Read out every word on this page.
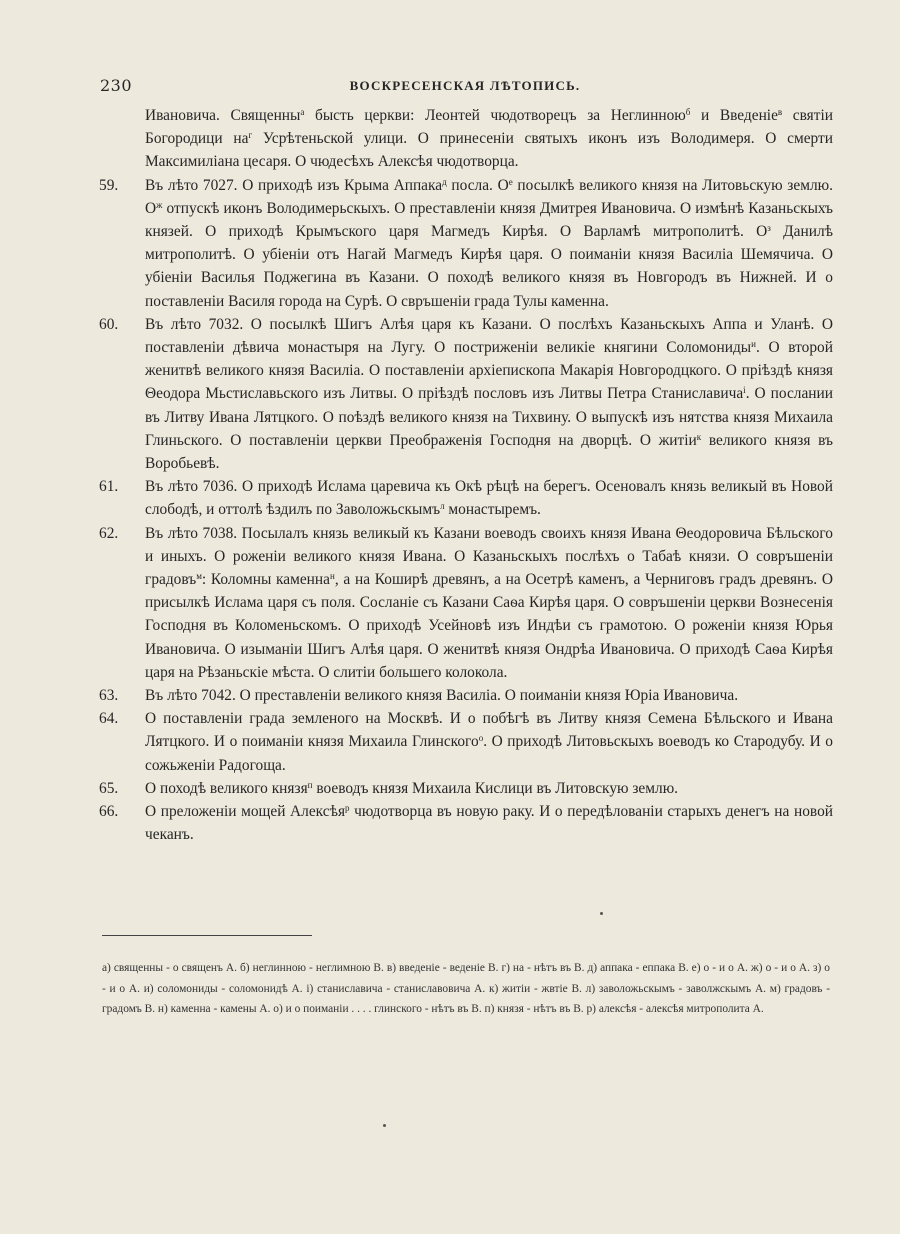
230	ВОСКРЕСЕНСКАЯ ЛѢТОПИСЬ.

Ивановича. Священны$^а$ бысть церкви: Леонтей чюдотворецъ за Неглинною$^б$ и Введеніе$^в$ святіи Богородици $на^г$ Усрѣтеньской улици. О принесеніи святыхъ иконъ изъ Володимеря. О смерти Максимиліана цесаря. О чюдесѣхъ Алексѣя чюдотворца.

59.	Въ лѣто 7027. О приходѣ изъ Крыма Аппака$^д$ посла. $О^е$ посылкѣ великого князя на Литовьскую землю. $О^ж$ отпускѣ иконъ Володимерьскыхъ. О преставленіи князя Дмитрея Ивановича. О измѣнѣ Казаньскыхъ князей. О приходѣ Крымъского царя Магмедъ Кирѣя. О Варламѣ митрополитѣ. $О^з$ Данилѣ митрополитѣ. О убіеніи отъ Нагай Магмедъ Кирѣя царя. О поиманіи князя Василiа Шемячича. О убіеніи Василья Поджегина въ Казани. О походѣ великого князя въ Новгородъ въ Нижней. И о поставленіи Василя города на Сурѣ. О свръшеніи града Тулы каменна.

60.	Въ лѣто 7032. О посылкѣ Шигъ Алѣя царя къ Казани. О послѣхъ Казаньскыхъ Аппа и Уланѣ. О поставленіи дѣвича монастыря на Лугу. О постриженіи великіе княгини Соломониды$^и$. О второй женитвѣ великого князя Василiа. О поставленіи архіепископа Макарія Новгородцкого. О пріѣздѣ князя Θеодора Мьстиславьского изъ Литвы. О пріѣздѣ пословъ изъ Литвы Петра Станиславича$^і$. О послании въ Литву Ивана Лятцкого. О поѣздѣ великого князя на Тихвину. О выпускѣ изъ нятства князя Михаила Глиньского. О поставленіи церкви Преображенія Господня на дворцѣ. О житіи$^к$ великого князя въ Воробьевѣ.

61.	Въ лѣто 7036. О приходѣ Ислама царевича къ Окѣ рѣцѣ на берегъ. Осеновалъ князь великый въ Новой слободѣ, и оттолѣ ѣздилъ по Заволожьскымъ$^л$ монастыремъ.

62.	Въ лѣто 7038. Посылалъ князь великый къ Казани воеводъ своихъ князя Ивана Θеодоровича Бѣльского и иныхъ. О роженіи великого князя Ивана. О Казаньскыхъ послѣхъ о Табаѣ князи. О совръшеніи градовъ$^м$: Коломны каменна$^н$, а на Коширѣ древянъ, а на Осетрѣ каменъ, а Черниговъ градъ древянъ. О присылкѣ Ислама царя съ поля. Сосланіе съ Казани Саѳа Кирѣя царя. О совръшеніи церкви Вознесенія Господня въ Коломеньскомъ. О приходѣ Усейновѣ изъ Индѣи съ грамотою. О роженіи князя Юрья Ивановича. О изыманіи Шигъ Алѣя царя. О женитвѣ князя Ондрѣа Ивановича. О приходѣ Саѳа Кирѣя царя на Рѣзаньскіе мѣста. О слитіи большего колокола.

63.	Въ лѣто 7042. О преставленіи великого князя Василiа. О поиманіи князя Юріа Ивановича.

64.	О поставленіи града земленого на Москвѣ. И о побѣгѣ въ Литву князя Семена Бѣльского и Ивана Лятцкого. И о поиманіи князя Михаила Глинского$^о$. О приходѣ Литовьскыхъ воеводъ ко Стародубу. И о сожьженіи Радогоща.

65.	О походѣ великого князя$^п$ воеводъ князя Михаила Кислици въ Литовскую землю.

66.	О преложеніи мощей Алексѣя$^р$ чюдотворца въ новую раку. И о передѣлованіи старыхъ денегъ на новой чеканъ.

а) священны - о священъ А. б) неглинною - неглимною В. в) введеніе - веденіе В. г) на - нѣтъ въ В. д) аппака - еппака В. е) о - и о А. ж) о - и о А. з) о - и о А. и) соломониды - соломонидѣ А. і) станиславича - станиславовича А. к) житіи - жвтіе В. л) заволожьскымъ - заволжскымъ А. м) градовъ - градомъ В. н) каменна - камены А. о) и о поиманіи . . . . глинского - нѣтъ въ В. п) князя - нѣтъ въ В. р) алексѣя - алексѣя митрополита А.
